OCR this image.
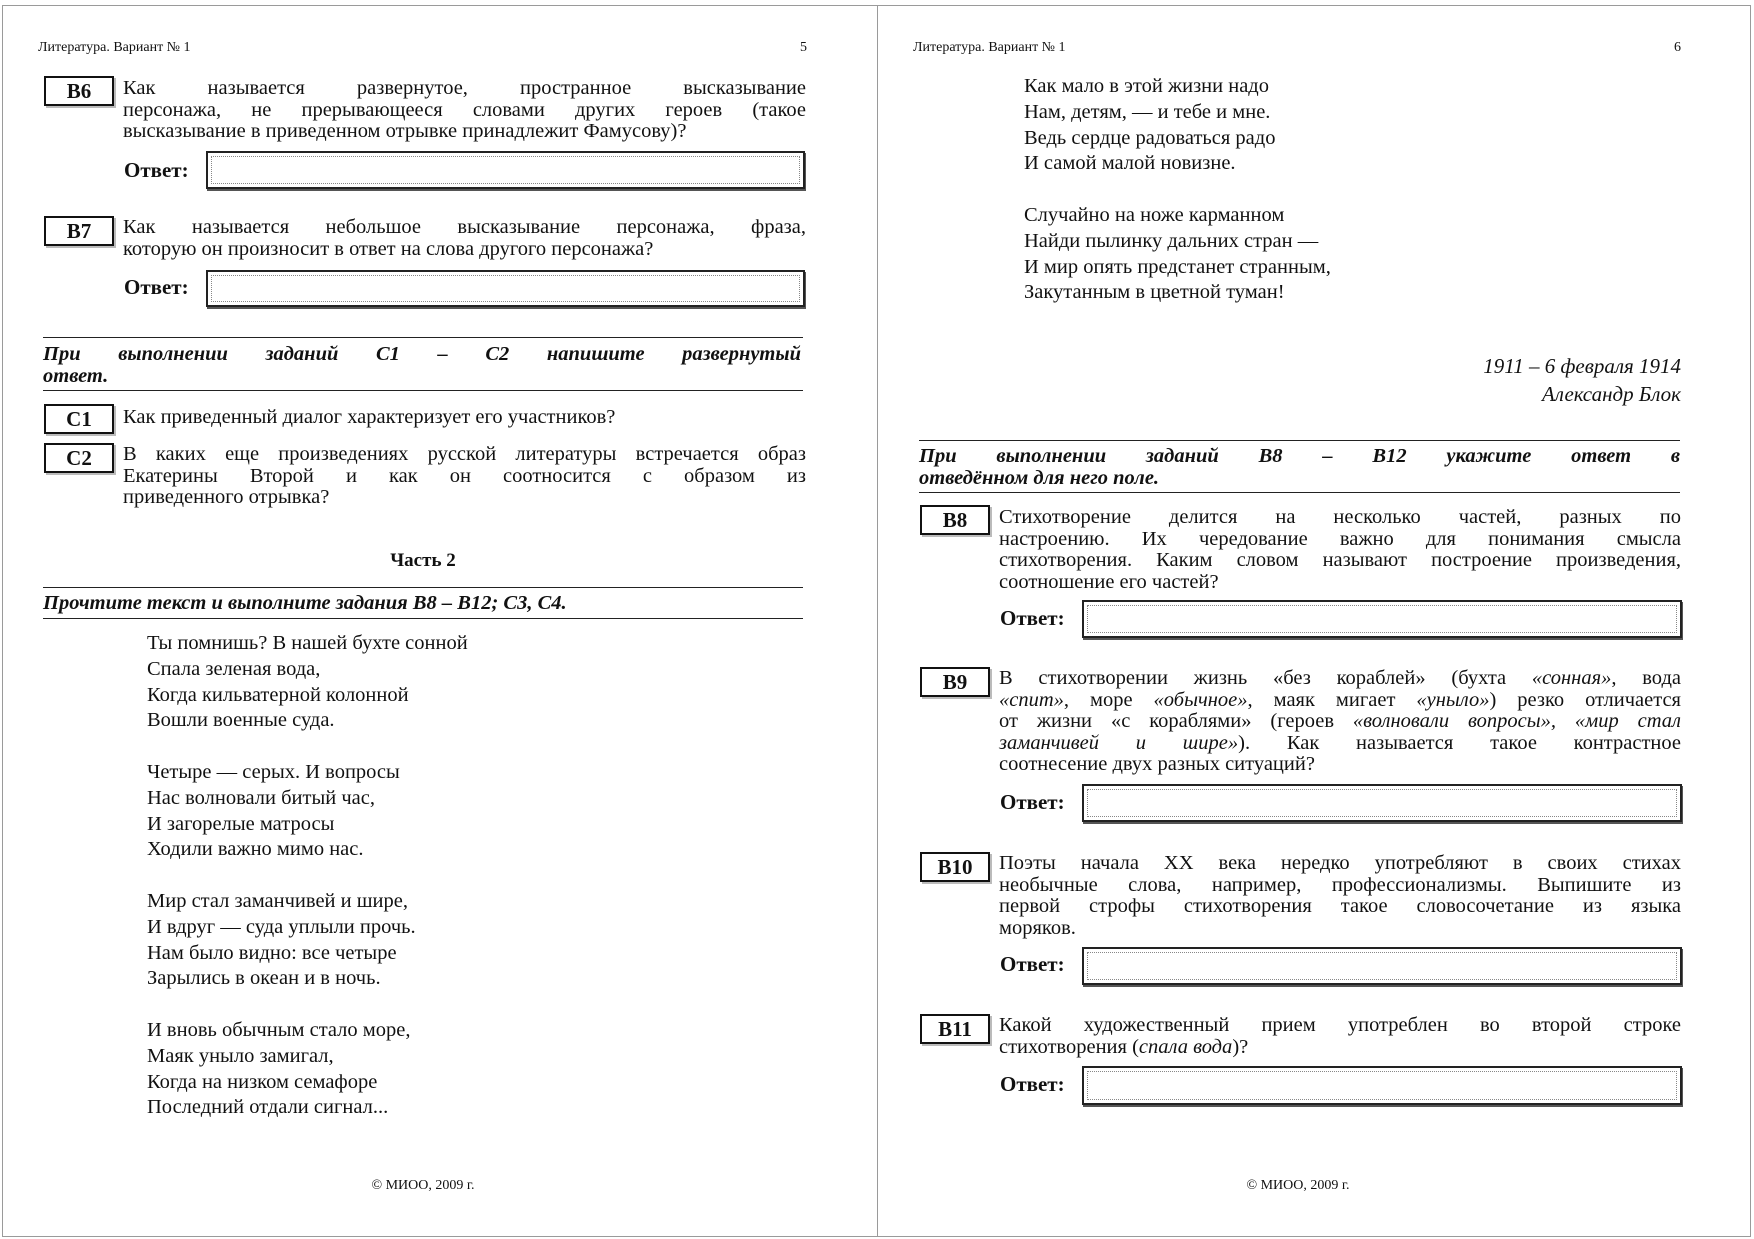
Литература. Вариант № 1	5
B6	Как называется развернутое, пространное высказывание
персонажа, не прерывающееся словами других героев (такое
высказывание в приведенном отрывке принадлежит Фамусову)?
Ответ:
B7	Как называется небольшое высказывание персонажа, фраза,
которую он произносит в ответ на слова другого персонажа?
Ответ:
При выполнении заданий С1 – С2 напишите развернутый
ответ.
C1	Как приведенный диалог характеризует его участников?
C2	В каких еще произведениях русской литературы встречается образ
Екатерины Второй и как он соотносится с образом из
приведенного отрывка?
Часть 2
Прочтите текст и выполните задания В8 – В12; С3, С4.
Ты помнишь? В нашей бухте сонной
Спала зеленая вода,
Когда кильватерной колонной
Вошли военные суда.
Четыре — серых. И вопросы
Нас волновали битый час,
И загорелые матросы
Ходили важно мимо нас.
Мир стал заманчивей и шире,
И вдруг — суда уплыли прочь.
Нам было видно: все четыре
Зарылись в океан и в ночь.
И вновь обычным стало море,
Маяк уныло замигал,
Когда на низком семафоре
Последний отдали сигнал...
© МИОО, 2009 г.
Литература. Вариант № 1	6
Как мало в этой жизни надо
Нам, детям, — и тебе и мне.
Ведь сердце радоваться радо
И самой малой новизне.
Случайно на ноже карманном
Найди пылинку дальних стран —
И мир опять предстанет странным,
Закутанным в цветной туман!
1911 – 6 февраля 1914
Александр Блок
При выполнении заданий В8 – В12 укажите ответ в
отведённом для него поле.
B8	Стихотворение делится на несколько частей, разных по
настроению. Их чередование важно для понимания смысла
стихотворения. Каким словом называют построение произведения,
соотношение его частей?
Ответ:
B9	В стихотворении жизнь «без кораблей» (бухта «сонная», вода
«спит», море «обычное», маяк мигает «уныло») резко отличается
от жизни «с кораблями» (героев «волновали вопросы», «мир стал
заманчивей и шире»). Как называется такое контрастное
соотнесение двух разных ситуаций?
Ответ:
B10	Поэты начала XX века нередко употребляют в своих стихах
необычные слова, например, профессионализмы. Выпишите из
первой строфы стихотворения такое словосочетание из языка
моряков.
Ответ:
B11	Какой художественный прием употреблен во второй строке
стихотворения (спала вода)?
Ответ:
© МИОО, 2009 г.
